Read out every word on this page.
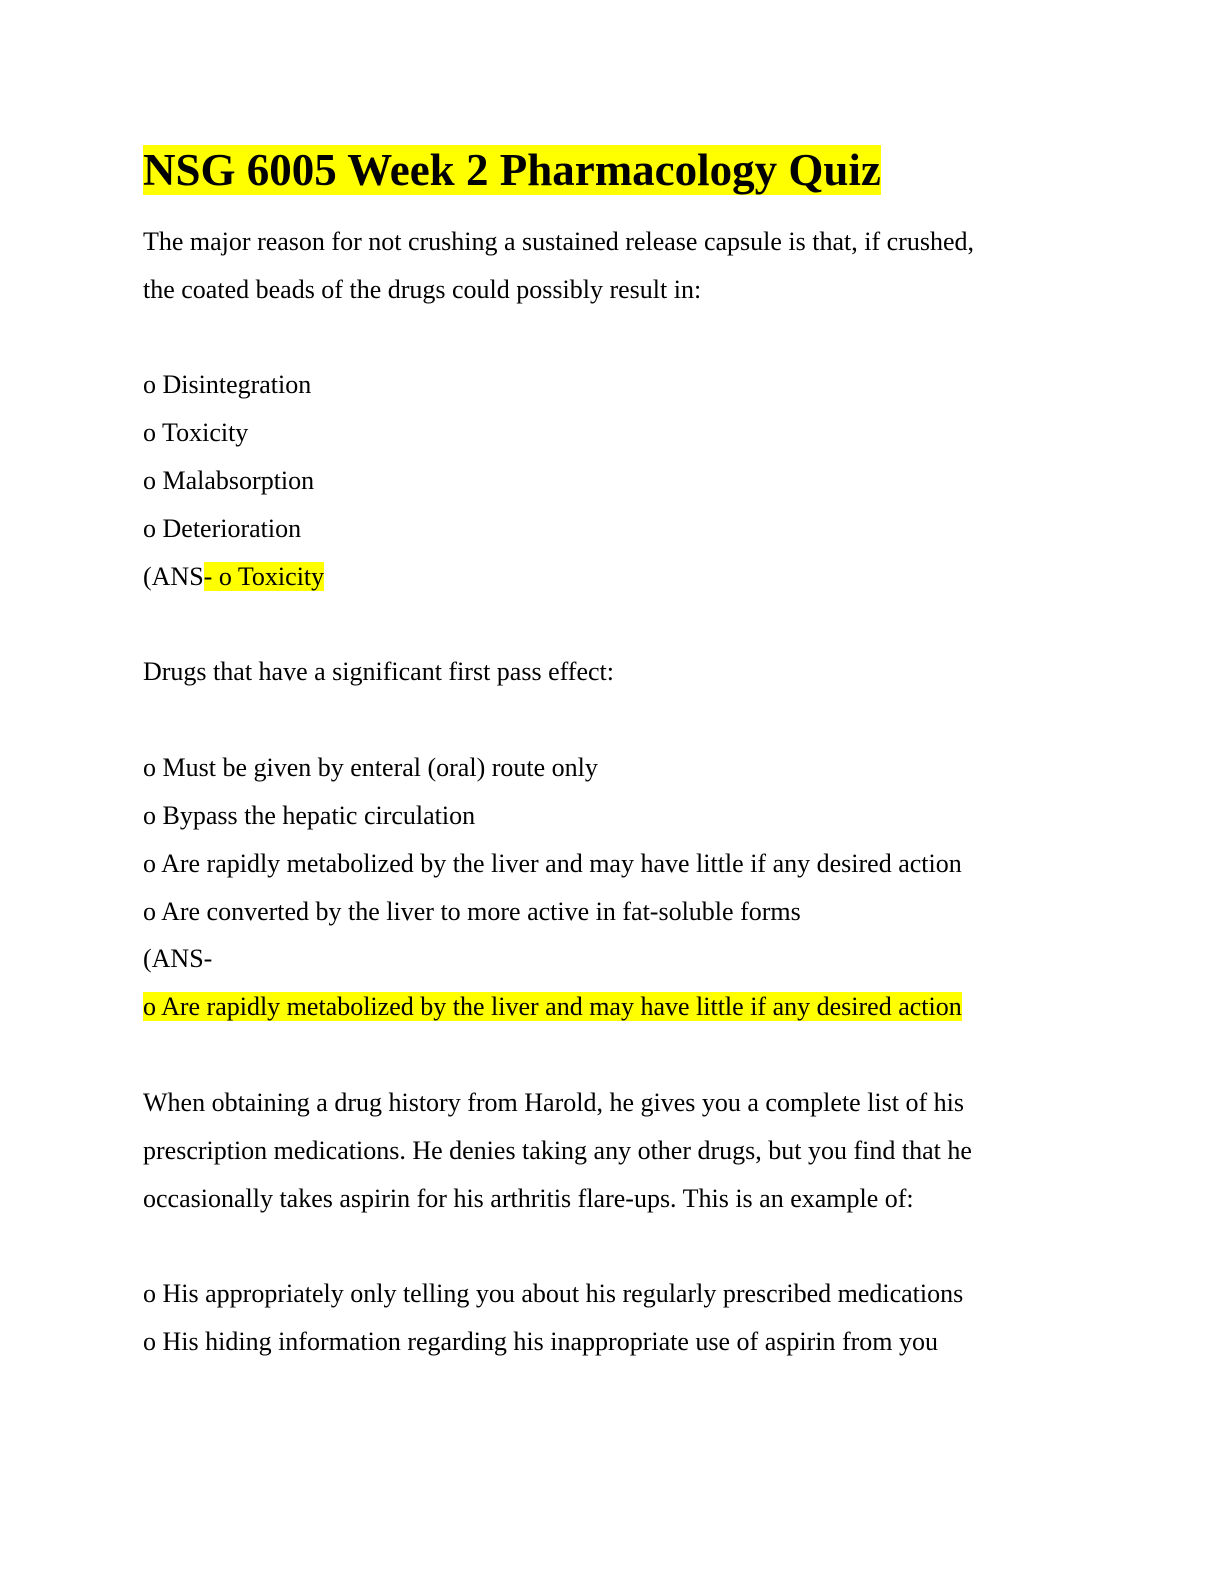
NSG 6005 Week 2 Pharmacology Quiz
The major reason for not crushing a sustained release capsule is that, if crushed,
the coated beads of the drugs could possibly result in:
o Disintegration
o Toxicity
o Malabsorption
o Deterioration
(ANS- o Toxicity
Drugs that have a significant first pass effect:
o Must be given by enteral (oral) route only
o Bypass the hepatic circulation
o Are rapidly metabolized by the liver and may have little if any desired action
o Are converted by the liver to more active in fat-soluble forms
(ANS-
o Are rapidly metabolized by the liver and may have little if any desired action
When obtaining a drug history from Harold, he gives you a complete list of his
prescription medications. He denies taking any other drugs, but you find that he
occasionally takes aspirin for his arthritis flare-ups. This is an example of:
o His appropriately only telling you about his regularly prescribed medications
o His hiding information regarding his inappropriate use of aspirin from you
